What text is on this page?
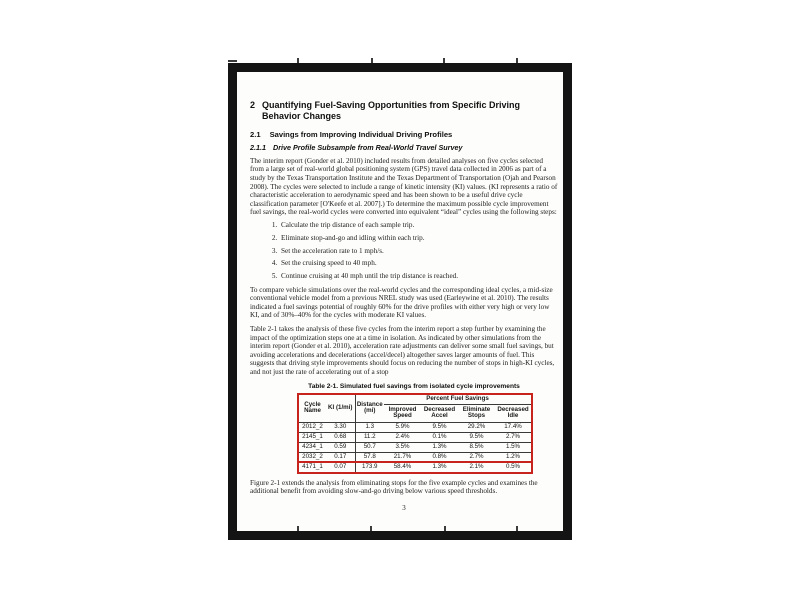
2 Quantifying Fuel-Saving Opportunities from Specific Driving Behavior Changes
2.1 Savings from Improving Individual Driving Profiles
2.1.1 Drive Profile Subsample from Real-World Travel Survey

The interim report (Gonder et al. 2010) included results from detailed analyses on five cycles selected from a large set of real-world global positioning system (GPS) travel data collected in 2006 as part of a study by the Texas Transportation Institute and the Texas Department of Transportation (Ojah and Pearson 2008). The cycles were selected to include a range of kinetic intensity (KI) values. (KI represents a ratio of characteristic acceleration to aerodynamic speed and has been shown to be a useful drive cycle classification parameter [O'Keefe et al. 2007].) To determine the maximum possible cycle improvement fuel savings, the real-world cycles were converted into equivalent “ideal” cycles using the following steps:

1. Calculate the trip distance of each sample trip.
2. Eliminate stop-and-go and idling within each trip.
3. Set the acceleration rate to 1 mph/s.
4. Set the cruising speed to 40 mph.
5. Continue cruising at 40 mph until the trip distance is reached.

To compare vehicle simulations over the real-world cycles and the corresponding ideal cycles, a mid-size conventional vehicle model from a previous NREL study was used (Earleywine et al. 2010). The results indicated a fuel savings potential of roughly 60% for the drive profiles with either very high or very low KI, and of 30%–40% for the cycles with moderate KI values.

Table 2-1 takes the analysis of these five cycles from the interim report a step further by examining the impact of the optimization steps one at a time in isolation. As indicated by other simulations from the interim report (Gonder et al. 2010), acceleration rate adjustments can deliver some small fuel savings, but avoiding accelerations and decelerations (accel/decel) altogether saves larger amounts of fuel. This suggests that driving style improvements should focus on reducing the number of stops in high-KI cycles, and not just the rate of accelerating out of a stop

Table 2-1. Simulated fuel savings from isolated cycle improvements
Cycle Name	KI (1/mi)	Distance (mi)	Percent Fuel Savings			
			Improved Speed	Decreased Accel	Eliminate Stops	Decreased Idle
2012_2	3.30	1.3	5.9%	9.5%	29.2%	17.4%
2145_1	0.68	11.2	2.4%	0.1%	9.5%	2.7%
4234_1	0.59	50.7	3.5%	1.3%	8.5%	1.5%
2032_2	0.17	57.8	21.7%	0.8%	2.7%	1.2%
4171_1	0.07	173.9	58.4%	1.3%	2.1%	0.5%

Figure 2-1 extends the analysis from eliminating stops for the five example cycles and examines the additional benefit from avoiding slow-and-go driving below various speed thresholds.

3
